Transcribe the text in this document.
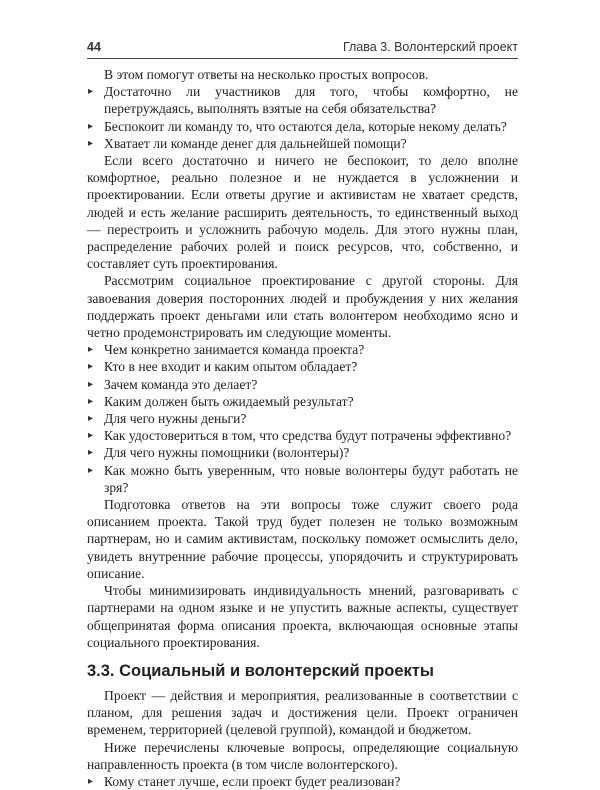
44	Глава 3. Волонтерский проект

В этом помогут ответы на несколько простых вопросов.

▸ Достаточно ли участников для того, чтобы комфортно, не перетруждаясь, выполнять взятые на себя обязательства?
▸ Беспокоит ли команду то, что остаются дела, которые некому делать?
▸ Хватает ли команде денег для дальнейшей помощи?

Если всего достаточно и ничего не беспокоит, то дело вполне комфортное, реально полезное и не нуждается в усложнении и проектировании. Если ответы другие и активистам не хватает средств, людей и есть желание расширить деятельность, то единственный выход — перестроить и усложнить рабочую модель. Для этого нужны план, распределение рабочих ролей и поиск ресурсов, что, собственно, и составляет суть проектирования.

Рассмотрим социальное проектирование с другой стороны. Для завоевания доверия посторонних людей и пробуждения у них желания поддержать проект деньгами или стать волонтером необходимо ясно и четно продемонстрировать им следующие моменты.

▸ Чем конкретно занимается команда проекта?
▸ Кто в нее входит и каким опытом обладает?
▸ Зачем команда это делает?
▸ Каким должен быть ожидаемый результат?
▸ Для чего нужны деньги?
▸ Как удостовериться в том, что средства будут потрачены эффективно?
▸ Для чего нужны помощники (волонтеры)?
▸ Как можно быть уверенным, что новые волонтеры будут работать не зря?

Подготовка ответов на эти вопросы тоже служит своего рода описанием проекта. Такой труд будет полезен не только возможным партнерам, но и самим активистам, поскольку поможет осмыслить дело, увидеть внутренние рабочие процессы, упорядочить и структурировать описание.

Чтобы минимизировать индивидуальность мнений, разговаривать с партнерами на одном языке и не упустить важные аспекты, существует общепринятая форма описания проекта, включающая основные этапы социального проектирования.

3.3. Социальный и волонтерский проекты

Проект — действия и мероприятия, реализованные в соответствии с планом, для решения задач и достижения цели. Проект ограничен временем, территорией (целевой группой), командой и бюджетом.

Ниже перечислены ключевые вопросы, определяющие социальную направленность проекта (в том числе волонтерского).

▸ Кому станет лучше, если проект будет реализован?
